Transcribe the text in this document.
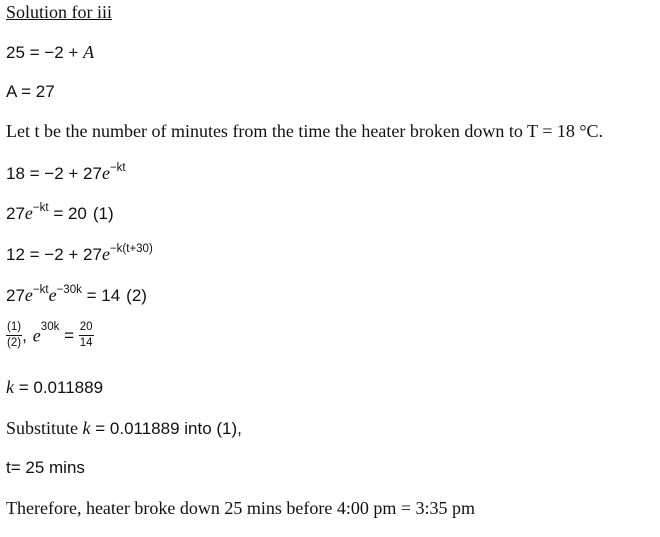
Solution for iii
25 = −2 + A
A = 27
Let t be the number of minutes from the time the heater broken down to T = 18 °C.
$18 = -2 + 27e^{-kt}$
$27e^{-kt} = 20$ (1)
$12 = -2 + 27e^{-k(t+30)}$
$27e^{-kt}e^{-30k} = 14$ (2)
$\frac{(1)}{(2)}$ , $e^{30k} = \frac{20}{14}$
k = 0.011889
Substitute k = 0.011889 into (1),
t= 25 mins
Therefore, heater broke down 25 mins before 4:00 pm = 3:35 pm
